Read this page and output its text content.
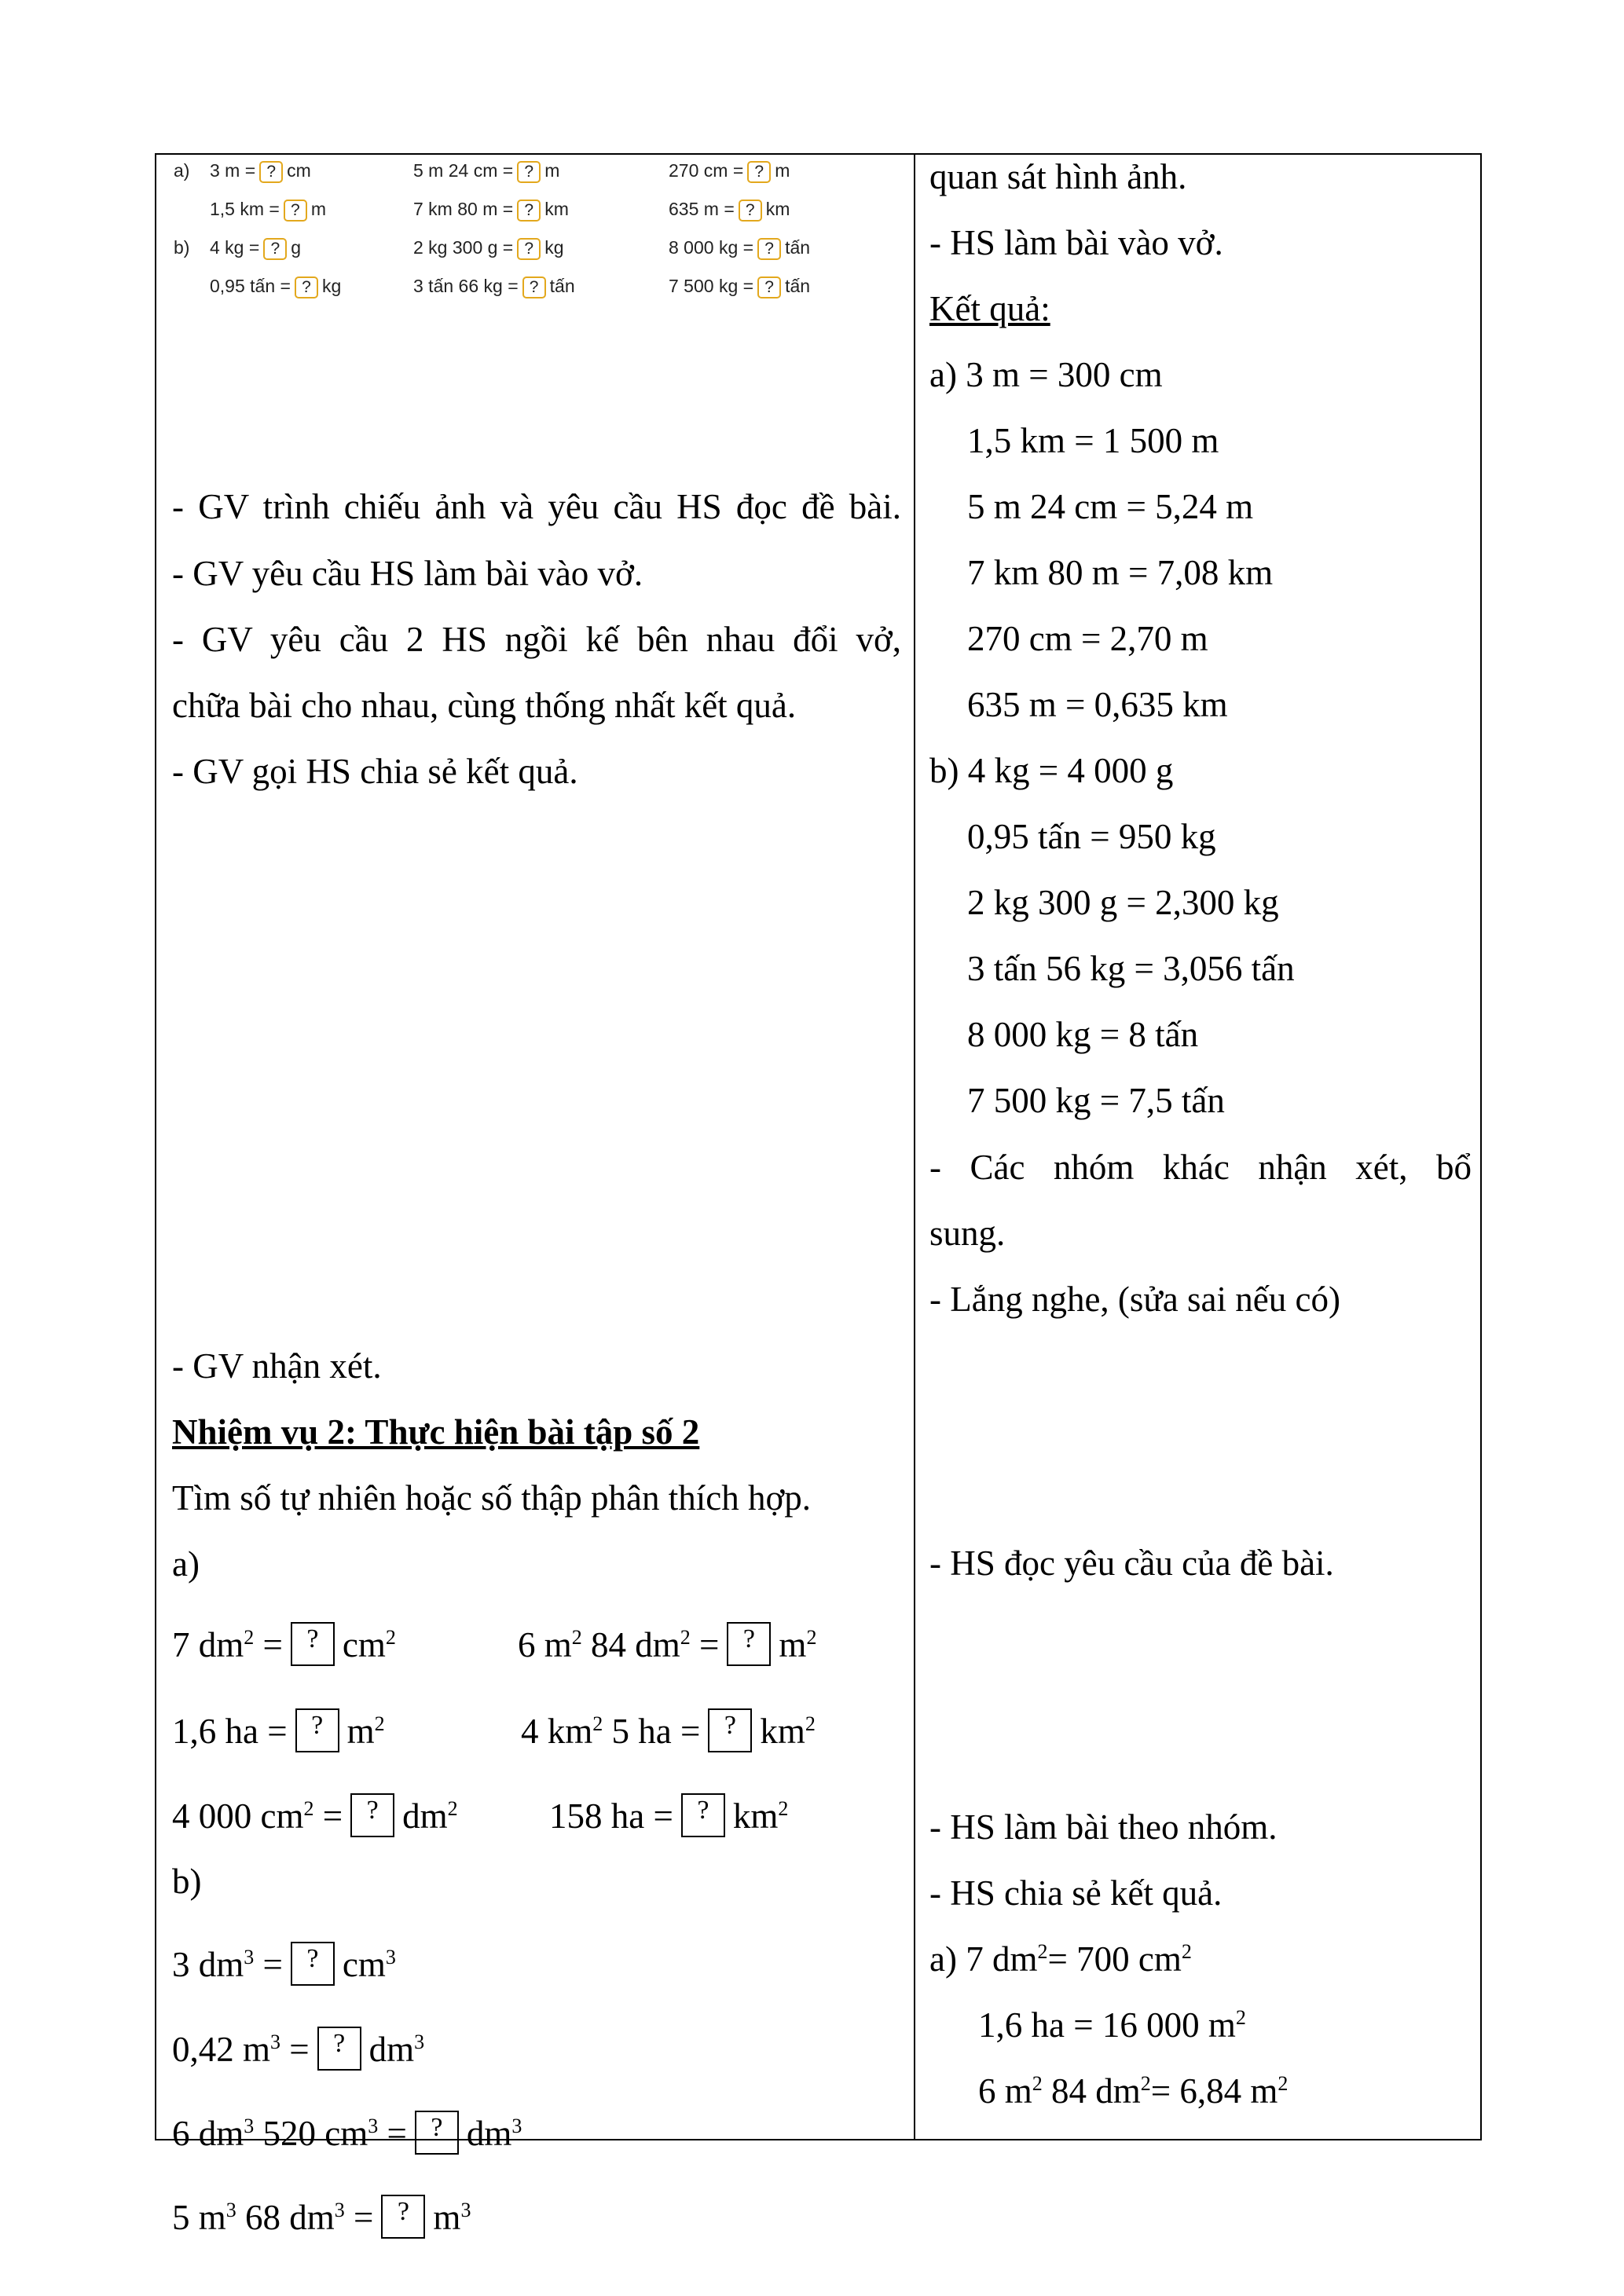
a)
b)
3 m = ? cm	5 m 24 cm = ? m	270 cm = ? m
1,5 km = ? m	7 km 80 m = ? km	635 m = ? km
4 kg = ? g	2 kg 300 g = ? kg	8 000 kg = ? tấn
0,95 tấn = ? kg	3 tấn 66 kg = ? tấn	7 500 kg = ? tấn
- GV trình chiếu ảnh và yêu cầu HS đọc đề bài.
- GV yêu cầu HS làm bài vào vở.
- GV yêu cầu 2 HS ngồi kế bên nhau đổi vở,
chữa bài cho nhau, cùng thống nhất kết quả.
- GV gọi HS chia sẻ kết quả.
- GV nhận xét.
Nhiệm vụ 2: Thực hiện bài tập số 2
Tìm số tự nhiên hoặc số thập phân thích hợp.
a)
7 $dm^2$ = ? $cm^2$	6 $m^2$ 84 $dm^2$ = ? $m^2$
1,6 ha = ? $m^2$	4 $km^2$ 5 ha = ? $km^2$
4 000 $cm^2$ = ? $dm^2$	158 ha = ? $km^2$
b)
3 $dm^3$ = ? $cm^3$
0,42 $m^3$ = ? $dm^3$
6 $dm^3$ 520 $cm^3$ = ? $dm^3$
5 $m^3$ 68 $dm^3$ = ? $m^3$
quan sát hình ảnh.
- HS làm bài vào vở.
Kết quả:
a) 3 m = 300 cm
1,5 km = 1 500 m
5 m 24 cm = 5,24 m
7 km 80 m = 7,08 km
270 cm = 2,70 m
635 m = 0,635 km
b) 4 kg = 4 000 g
0,95 tấn = 950 kg
2 kg 300 g = 2,300 kg
3 tấn 56 kg = 3,056 tấn
8 000 kg = 8 tấn
7 500 kg = 7,5 tấn
- Các nhóm khác nhận xét, bổ
sung.
- Lắng nghe, (sửa sai nếu có)
- HS đọc yêu cầu của đề bài.
- HS làm bài theo nhóm.
- HS chia sẻ kết quả.
a) 7 $dm^2= 700$ $cm^2$
1,6 ha = 16 000 $m^2$
6 $m^2$ 84 $dm^2= 6,84$ $m^2$
